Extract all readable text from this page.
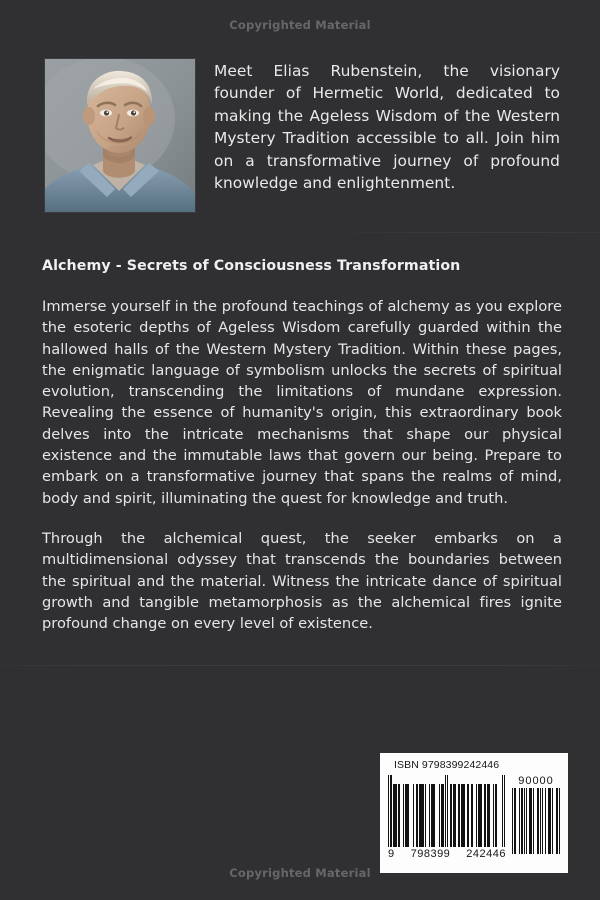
Copyrighted Material
Meet Elias Rubenstein, the visionary founder of Hermetic World, dedicated to making the Ageless Wisdom of the Western Mystery Tradition accessible to all. Join him on a transformative journey of profound knowledge and enlightenment.
Alchemy - Secrets of Consciousness Transformation
Immerse yourself in the profound teachings of alchemy as you explore the esoteric depths of Ageless Wisdom carefully guarded within the hallowed halls of the Western Mystery Tradition. Within these pages, the enigmatic language of symbolism unlocks the secrets of spiritual evolution, transcending the limitations of mundane expression. Revealing the essence of humanity's origin, this extraordinary book delves into the intricate mechanisms that shape our physical existence and the immutable laws that govern our being. Prepare to embark on a transformative journey that spans the realms of mind, body and spirit, illuminating the quest for knowledge and truth.
Through the alchemical quest, the seeker embarks on a multidimensional odyssey that transcends the boundaries between the spiritual and the material. Witness the intricate dance of spiritual growth and tangible metamorphosis as the alchemical fires ignite profound change on every level of existence.
ISBN 9798399242446
9 798399 242446
90000
Copyrighted Material
